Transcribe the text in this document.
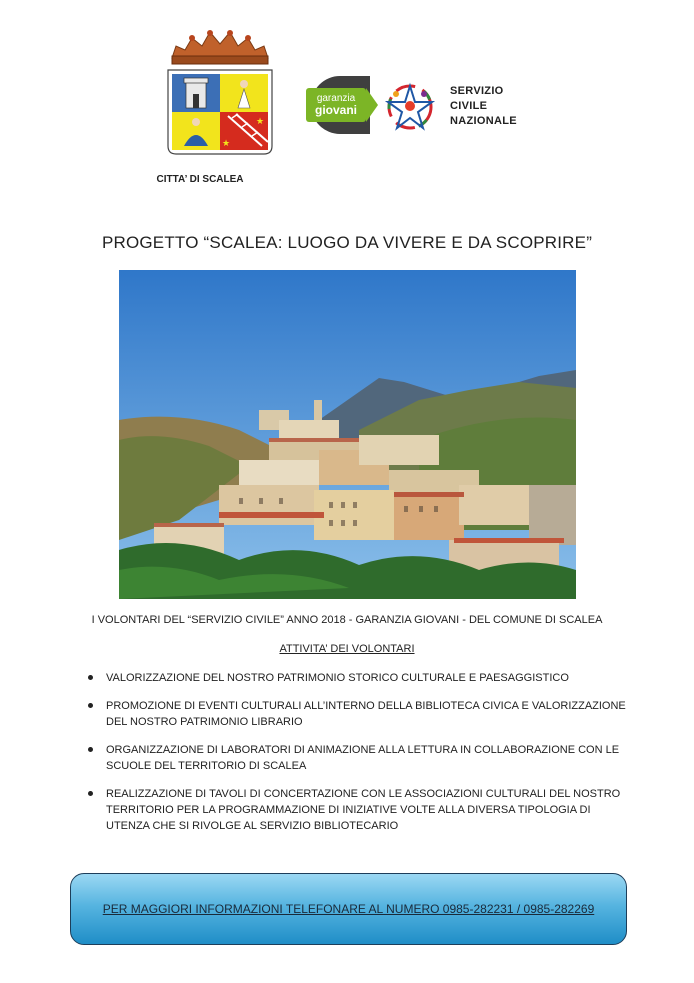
★
★
CITTA’ DI SCALEA
garanzia
giovani
SERVIZIO
CIVILE
NAZIONALE
PROGETTO “SCALEA: LUOGO DA VIVERE E DA SCOPRIRE”
I VOLONTARI DEL “SERVIZIO CIVILE” ANNO 2018 - GARANZIA GIOVANI - DEL COMUNE DI SCALEA
ATTIVITA’ DEI VOLONTARI
VALORIZZAZIONE DEL NOSTRO PATRIMONIO STORICO CULTURALE E PAESAGGISTICO
PROMOZIONE DI EVENTI CULTURALI ALL’INTERNO DELLA BIBLIOTECA CIVICA E VALORIZZAZIONE DEL NOSTRO PATRIMONIO LIBRARIO
ORGANIZZAZIONE DI LABORATORI DI ANIMAZIONE ALLA LETTURA IN COLLABORAZIONE CON LE SCUOLE DEL TERRITORIO DI SCALEA
REALIZZAZIONE DI TAVOLI DI CONCERTAZIONE CON LE ASSOCIAZIONI CULTURALI DEL NOSTRO TERRITORIO PER LA PROGRAMMAZIONE DI INIZIATIVE VOLTE ALLA DIVERSA TIPOLOGIA DI UTENZA CHE SI RIVOLGE AL SERVIZIO BIBLIOTECARIO
PER MAGGIORI INFORMAZIONI TELEFONARE AL NUMERO 0985-282231 / 0985-282269
